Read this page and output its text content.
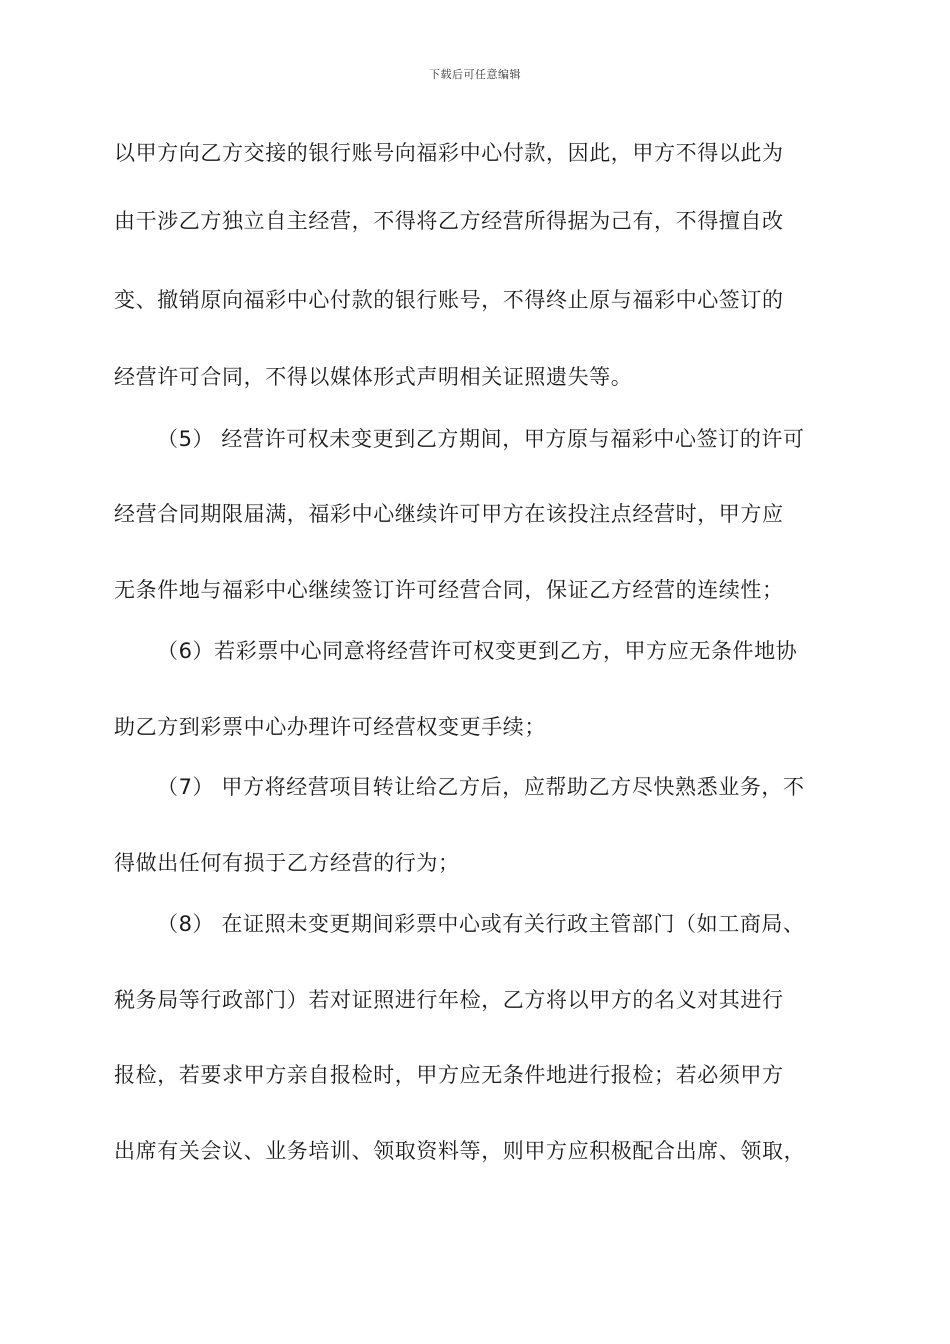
下载后可任意编辑
以甲方向乙方交接的银行账号向福彩中心付款，因此，甲方不得以此为
由干涉乙方独立自主经营，不得将乙方经营所得据为己有，不得擅自改
变、撤销原向福彩中心付款的银行账号，不得终止原与福彩中心签订的
经营许可合同，不得以媒体形式声明相关证照遗失等。
（5） 经营许可权未变更到乙方期间，甲方原与福彩中心签订的许可
经营合同期限届满，福彩中心继续许可甲方在该投注点经营时，甲方应
无条件地与福彩中心继续签订许可经营合同，保证乙方经营的连续性；
（6）若彩票中心同意将经营许可权变更到乙方，甲方应无条件地协
助乙方到彩票中心办理许可经营权变更手续；
（7） 甲方将经营项目转让给乙方后，应帮助乙方尽快熟悉业务，不
得做出任何有损于乙方经营的行为；
（8） 在证照未变更期间彩票中心或有关行政主管部门（如工商局、
税务局等行政部门）若对证照进行年检，乙方将以甲方的名义对其进行
报检，若要求甲方亲自报检时，甲方应无条件地进行报检；若必须甲方
出席有关会议、业务培训、领取资料等，则甲方应积极配合出席、领取，
